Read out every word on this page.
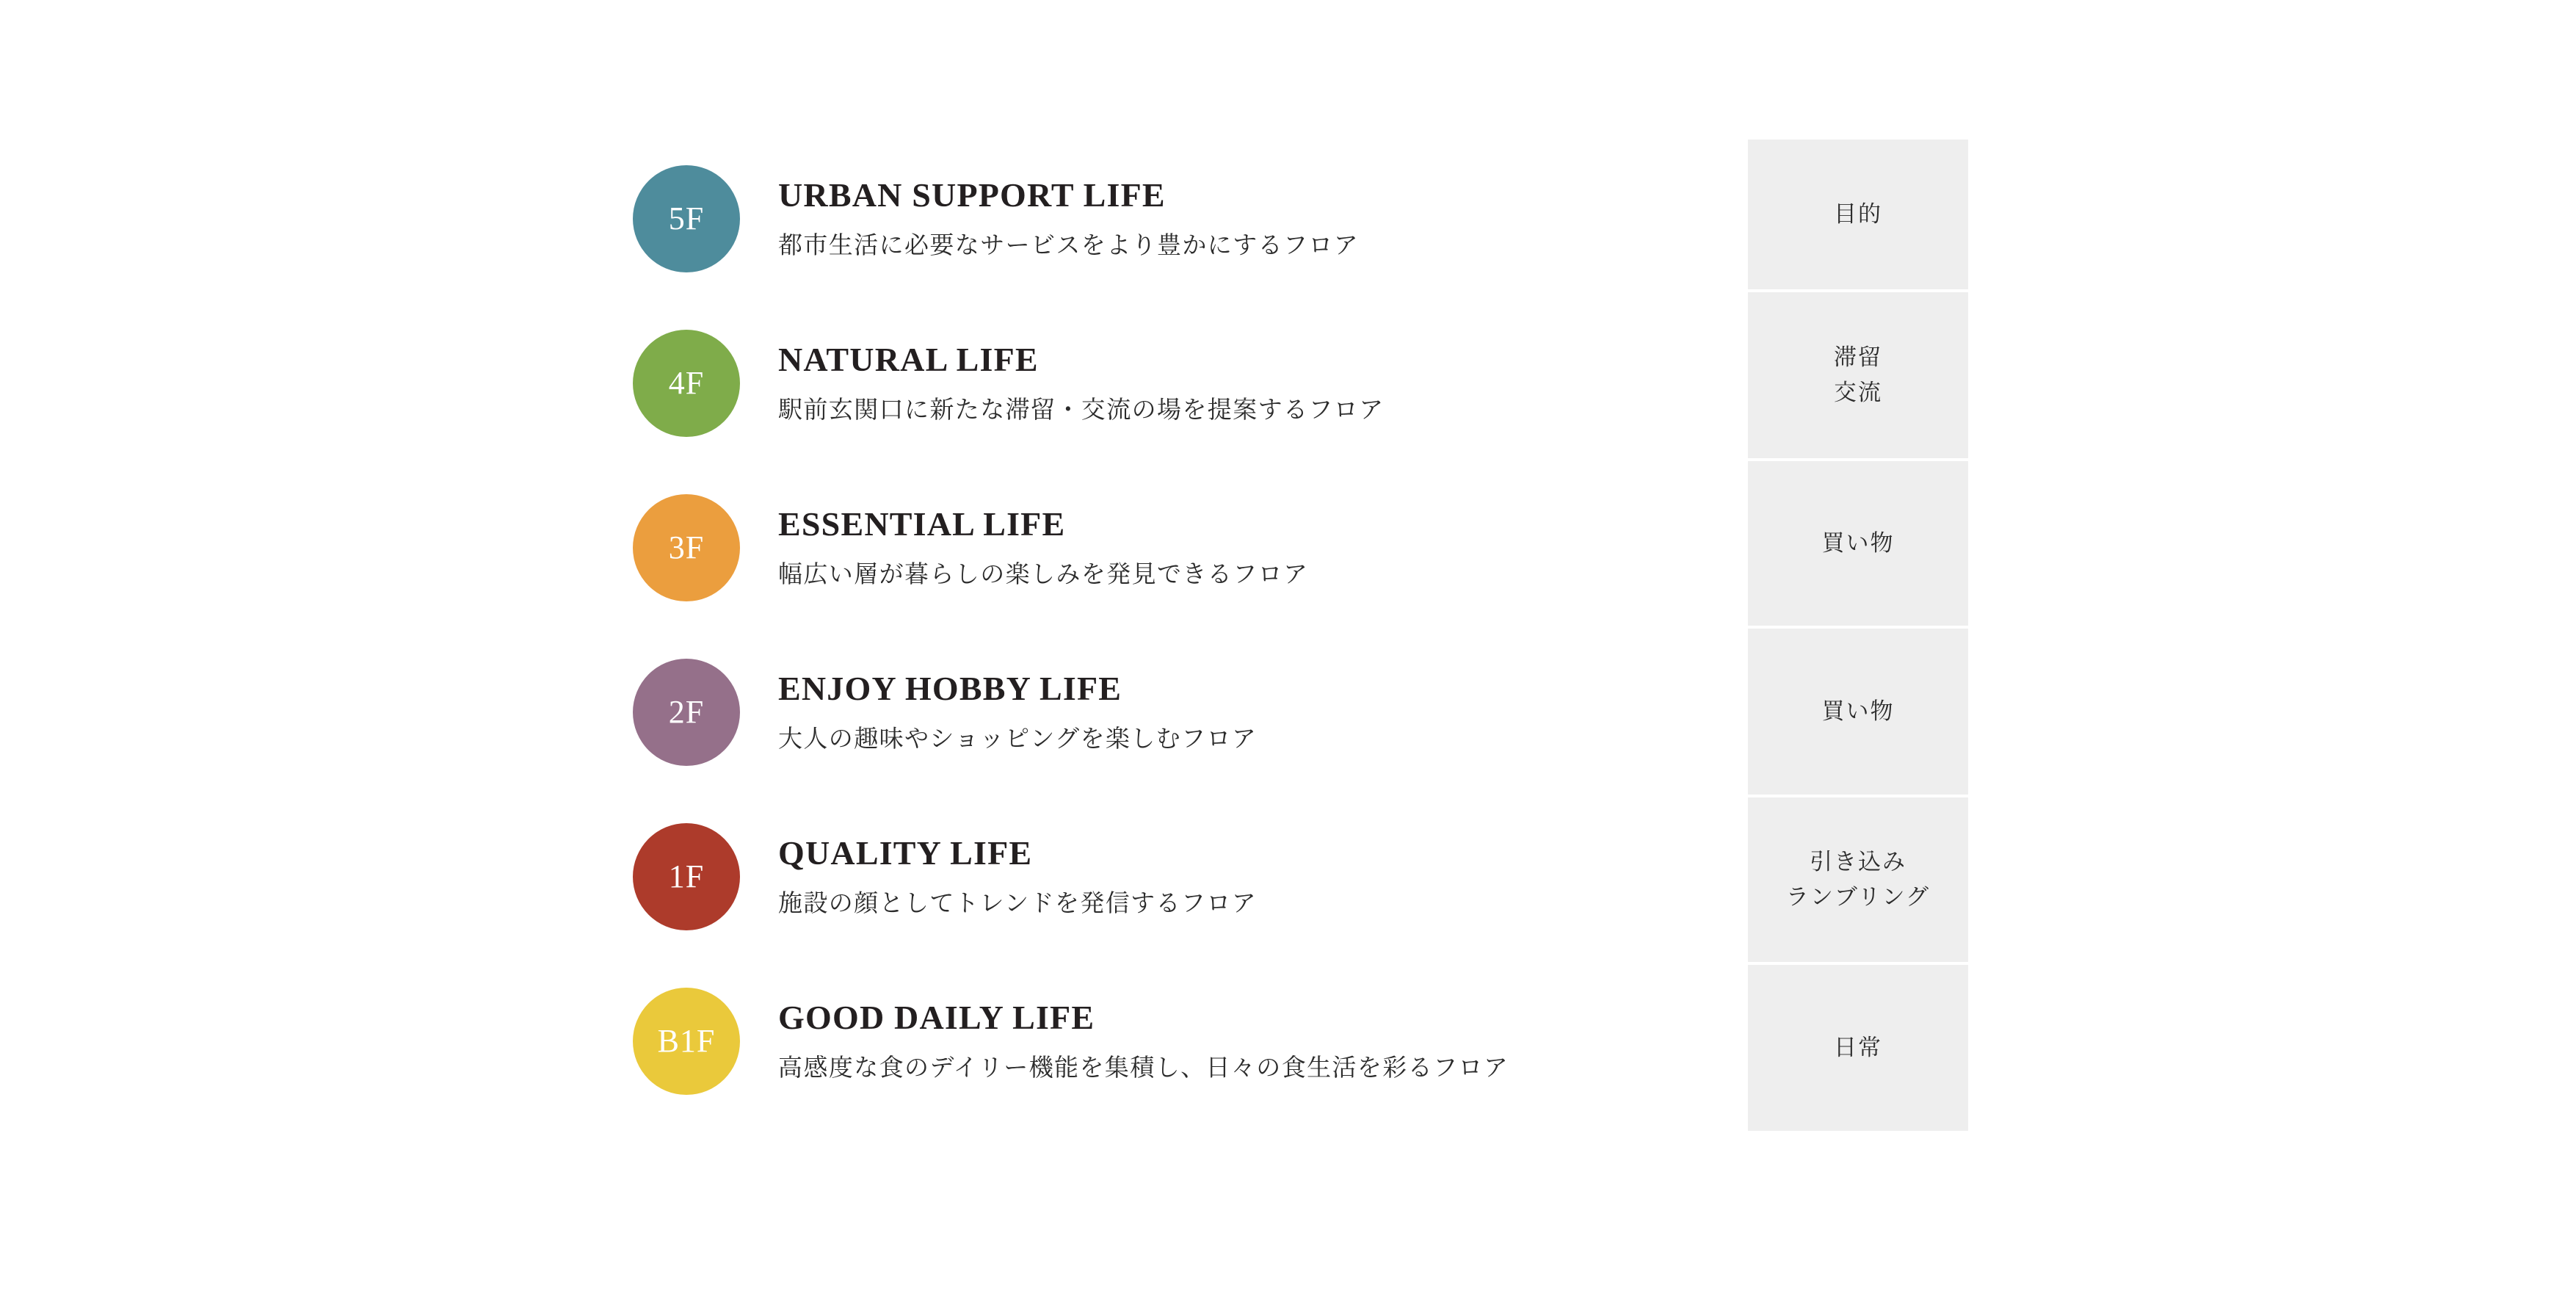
5F
URBAN SUPPORT LIFE
都市生活に必要なサービスをより豊かにするフロア
4F
NATURAL LIFE
駅前玄関口に新たな滞留・交流の場を提案するフロア
3F
ESSENTIAL LIFE
幅広い層が暮らしの楽しみを発見できるフロア
2F
ENJOY HOBBY LIFE
大人の趣味やショッピングを楽しむフロア
1F
QUALITY LIFE
施設の顔としてトレンドを発信するフロア
B1F
GOOD DAILY LIFE
高感度な食のデイリー機能を集積し、日々の食生活を彩るフロア
目的
滞留
交流
買い物
買い物
引き込み
ランブリング
日常
